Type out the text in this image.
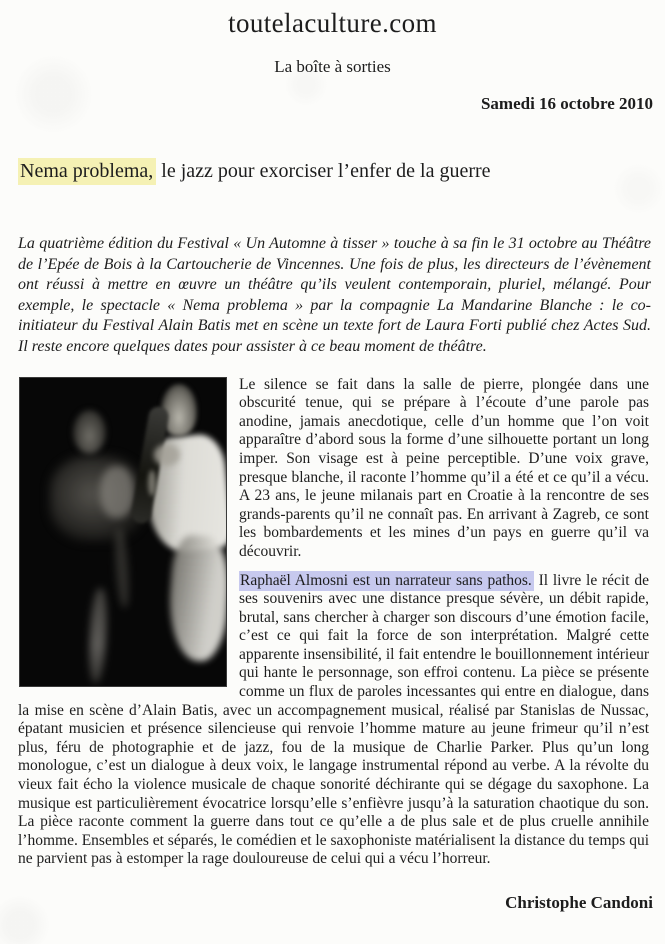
toutelaculture.com
La boîte à sorties
Samedi 16 octobre 2010
Nema problema, le jazz pour exorciser l’enfer de la guerre

La quatrième édition du Festival « Un Automne à tisser » touche à sa fin le 31 octobre au Théâtre de l’Epée de Bois à la Cartoucherie de Vincennes. Une fois de plus, les directeurs de l’évènement ont réussi à mettre en œuvre un théâtre qu’ils veulent contemporain, pluriel, mélangé. Pour exemple, le spectacle « Nema problema » par la compagnie La Mandarine Blanche : le co-initiateur du Festival Alain Batis met en scène un texte fort de Laura Forti publié chez Actes Sud. Il reste encore quelques dates pour assister à ce beau moment de théâtre.

Le silence se fait dans la salle de pierre, plongée dans une obscurité tenue, qui se prépare à l’écoute d’une parole pas anodine, jamais anecdotique, celle d’un homme que l’on voit apparaître d’abord sous la forme d’une silhouette portant un long imper. Son visage est à peine perceptible. D’une voix grave, presque blanche, il raconte l’homme qu’il a été et ce qu’il a vécu. A 23 ans, le jeune milanais part en Croatie à la rencontre de ses grands-parents qu’il ne connaît pas. En arrivant à Zagreb, ce sont les bombardements et les mines d’un pays en guerre qu’il va découvrir.

Raphaël Almosni est un narrateur sans pathos. Il livre le récit de ses souvenirs avec une distance presque sévère, un débit rapide, brutal, sans chercher à charger son discours d’une émotion facile, c’est ce qui fait la force de son interprétation. Malgré cette apparente insensibilité, il fait entendre le bouillonnement intérieur qui hante le personnage, son effroi contenu. La pièce se présente comme un flux de paroles incessantes qui entre en dialogue, dans la mise en scène d’Alain Batis, avec un accompagnement musical, réalisé par Stanislas de Nussac, épatant musicien et présence silencieuse qui renvoie l’homme mature au jeune frimeur qu’il n’est plus, féru de photographie et de jazz, fou de la musique de Charlie Parker. Plus qu’un long monologue, c’est un dialogue à deux voix, le langage instrumental répond au verbe. A la révolte du vieux fait écho la violence musicale de chaque sonorité déchirante qui se dégage du saxophone. La musique est particulièrement évocatrice lorsqu’elle s’enfièvre jusqu’à la saturation chaotique du son. La pièce raconte comment la guerre dans tout ce qu’elle a de plus sale et de plus cruelle annihile l’homme. Ensembles et séparés, le comédien et le saxophoniste matérialisent la distance du temps qui ne parvient pas à estomper la rage douloureuse de celui qui a vécu l’horreur.

Christophe Candoni
